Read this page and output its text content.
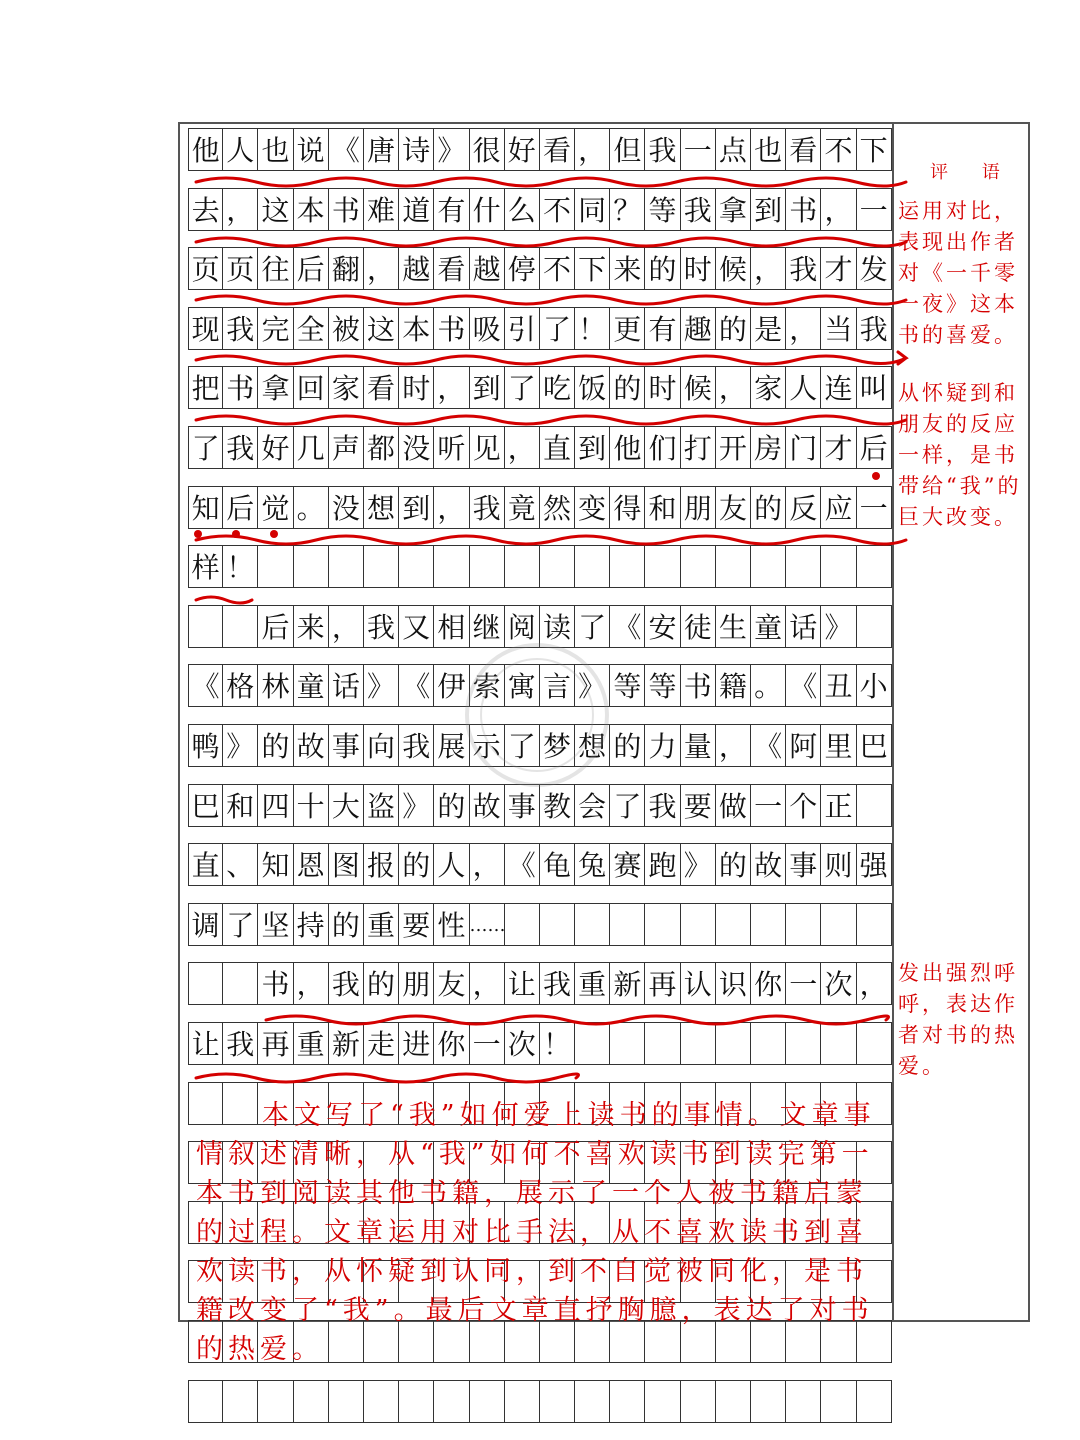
他 人 也 说 《 唐 诗 》 很 好 看 ， 但 我 一 点 也 看 不 下
去 ， 这 本 书 难 道 有 什 么 不 同 ？ 等 我 拿 到 书 ， 一
页 页 往 后 翻 ， 越 看 越 停 不 下 来 的 时 候 ， 我 才 发
现 我 完 全 被 这 本 书 吸 引 了 ！ 更 有 趣 的 是 ， 当 我
把 书 拿 回 家 看 时 ， 到 了 吃 饭 的 时 候 ， 家 人 连 叫
了 我 好 几 声 都 没 听 见 ， 直 到 他 们 打 开 房 门 才 后
知 后 觉 。 没 想 到 ， 我 竟 然 变 得 和 朋 友 的 反 应 一
样 ！
后 来 ， 我 又 相 继 阅 读 了 《 安 徒 生 童 话 》
《 格 林 童 话 》 《 伊 索 寓 言 》 等 等 书 籍 。 《 丑 小
鸭 》 的 故 事 向 我 展 示 了 梦 想 的 力 量 ， 《 阿 里 巴
巴 和 四 十 大 盗 》 的 故 事 教 会 了 我 要 做 一 个 正
直 、 知 恩 图 报 的 人 ， 《 龟 兔 赛 跑 》 的 故 事 则 强
调 了 坚 持 的 重 要 性 ……
书 ， 我 的 朋 友 ， 让 我 重 新 再 认 识 你 一 次 ，
让 我 再 重 新 走 进 你 一 次 ！
评 语
运用对比，表现出作者对《一千零一夜》这本书的喜爱。
从怀疑到和朋友的反应一样，是书带给“我”的巨大改变。
发出强烈呼呼，表达作者对书的热爱。
本文写了“我”如何爱上读书的事情。文章事情叙述清晰，从“我”如何不喜欢读书到读完第一本书到阅读其他书籍，展示了一个人被书籍启蒙的过程。文章运用对比手法，从不喜欢读书到喜欢读书，从怀疑到认同，到不自觉被同化，是书籍改变了“我”。最后文章直抒胸臆，表达了对书的热爱。
